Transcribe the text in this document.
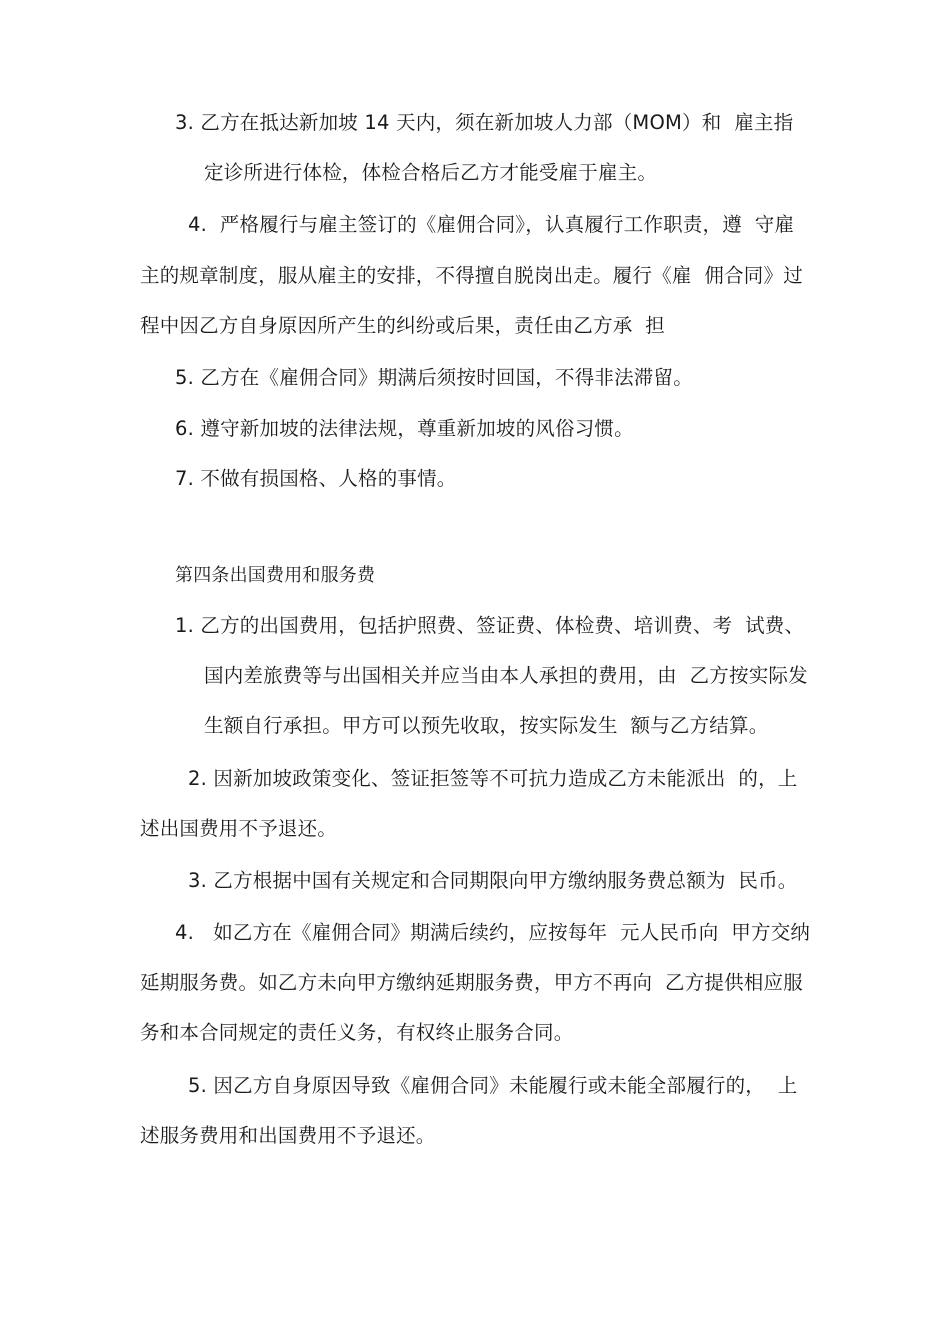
3. 乙方在抵达新加坡 14 天内，须在新加坡人力部（MOM）和  雇主指
定诊所进行体检，体检合格后乙方才能受雇于雇主。
4.  严格履行与雇主签订的《雇佣合同》，认真履行工作职责，遵  守雇
主的规章制度，服从雇主的安排，不得擅自脱岗出走。履行《雇  佣合同》过
程中因乙方自身原因所产生的纠纷或后果，责任由乙方承  担
5. 乙方在《雇佣合同》期满后须按时回国，不得非法滞留。
6. 遵守新加坡的法律法规，尊重新加坡的风俗习惯。
7. 不做有损国格、人格的事情。
第四条出国费用和服务费
1. 乙方的出国费用，包括护照费、签证费、体检费、培训费、考  试费、
国内差旅费等与出国相关并应当由本人承担的费用，由  乙方按实际发
生额自行承担。甲方可以预先收取，按实际发生  额与乙方结算。
2. 因新加坡政策变化、签证拒签等不可抗力造成乙方未能派出  的，上
述出国费用不予退还。
3. 乙方根据中国有关规定和合同期限向甲方缴纳服务费总额为  民币。
4.   如乙方在《雇佣合同》期满后续约，应按每年  元人民币向  甲方交纳
延期服务费。如乙方未向甲方缴纳延期服务费，甲方不再向  乙方提供相应服
务和本合同规定的责任义务，有权终止服务合同。
5. 因乙方自身原因导致《雇佣合同》未能履行或未能全部履行的，  上
述服务费用和出国费用不予退还。
